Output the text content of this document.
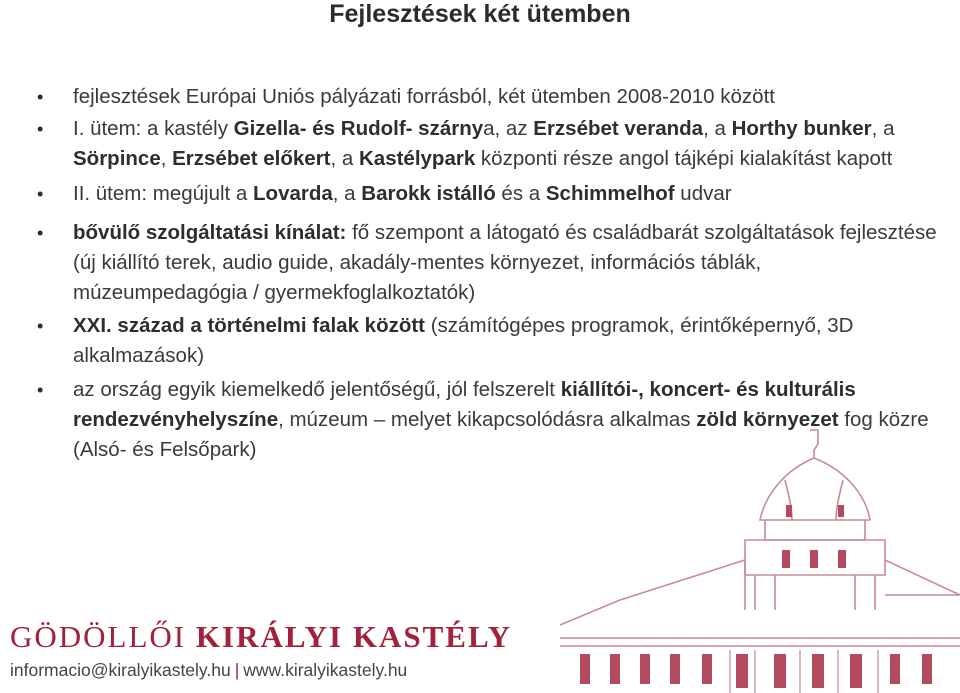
Fejlesztések két ütemben
• fejlesztések Európai Uniós pályázati forrásból, két ütemben 2008-2010 között
• I. ütem: a kastély Gizella- és Rudolf- szárnya, az Erzsébet veranda, a Horthy bunker, a Sörpince, Erzsébet előkert, a Kastélypark központi része angol tájképi kialakítást kapott
• II. ütem: megújult a Lovarda, a Barokk istálló és a Schimmelhof udvar
• bővülő szolgáltatási kínálat: fő szempont a látogató és családbarát szolgáltatások fejlesztése (új kiállító terek, audio guide, akadály-mentes környezet, információs táblák, múzeumpedagógia / gyermekfoglalkoztatók)
• XXI. század a történelmi falak között (számítógépes programok, érintőképernyő, 3D alkalmazások)
• az ország egyik kiemelkedő jelentőségű, jól felszerelt kiállítói-, koncert- és kulturális rendezvényhelyszíne, múzeum – melyet kikapcsolódásra alkalmas zöld környezet fog közre (Alsó- és Felsőpark)
GÖDÖLLŐI KIRÁLYI KASTÉLY
informacio@kiralyikastely.hu | www.kiralyikastely.hu
